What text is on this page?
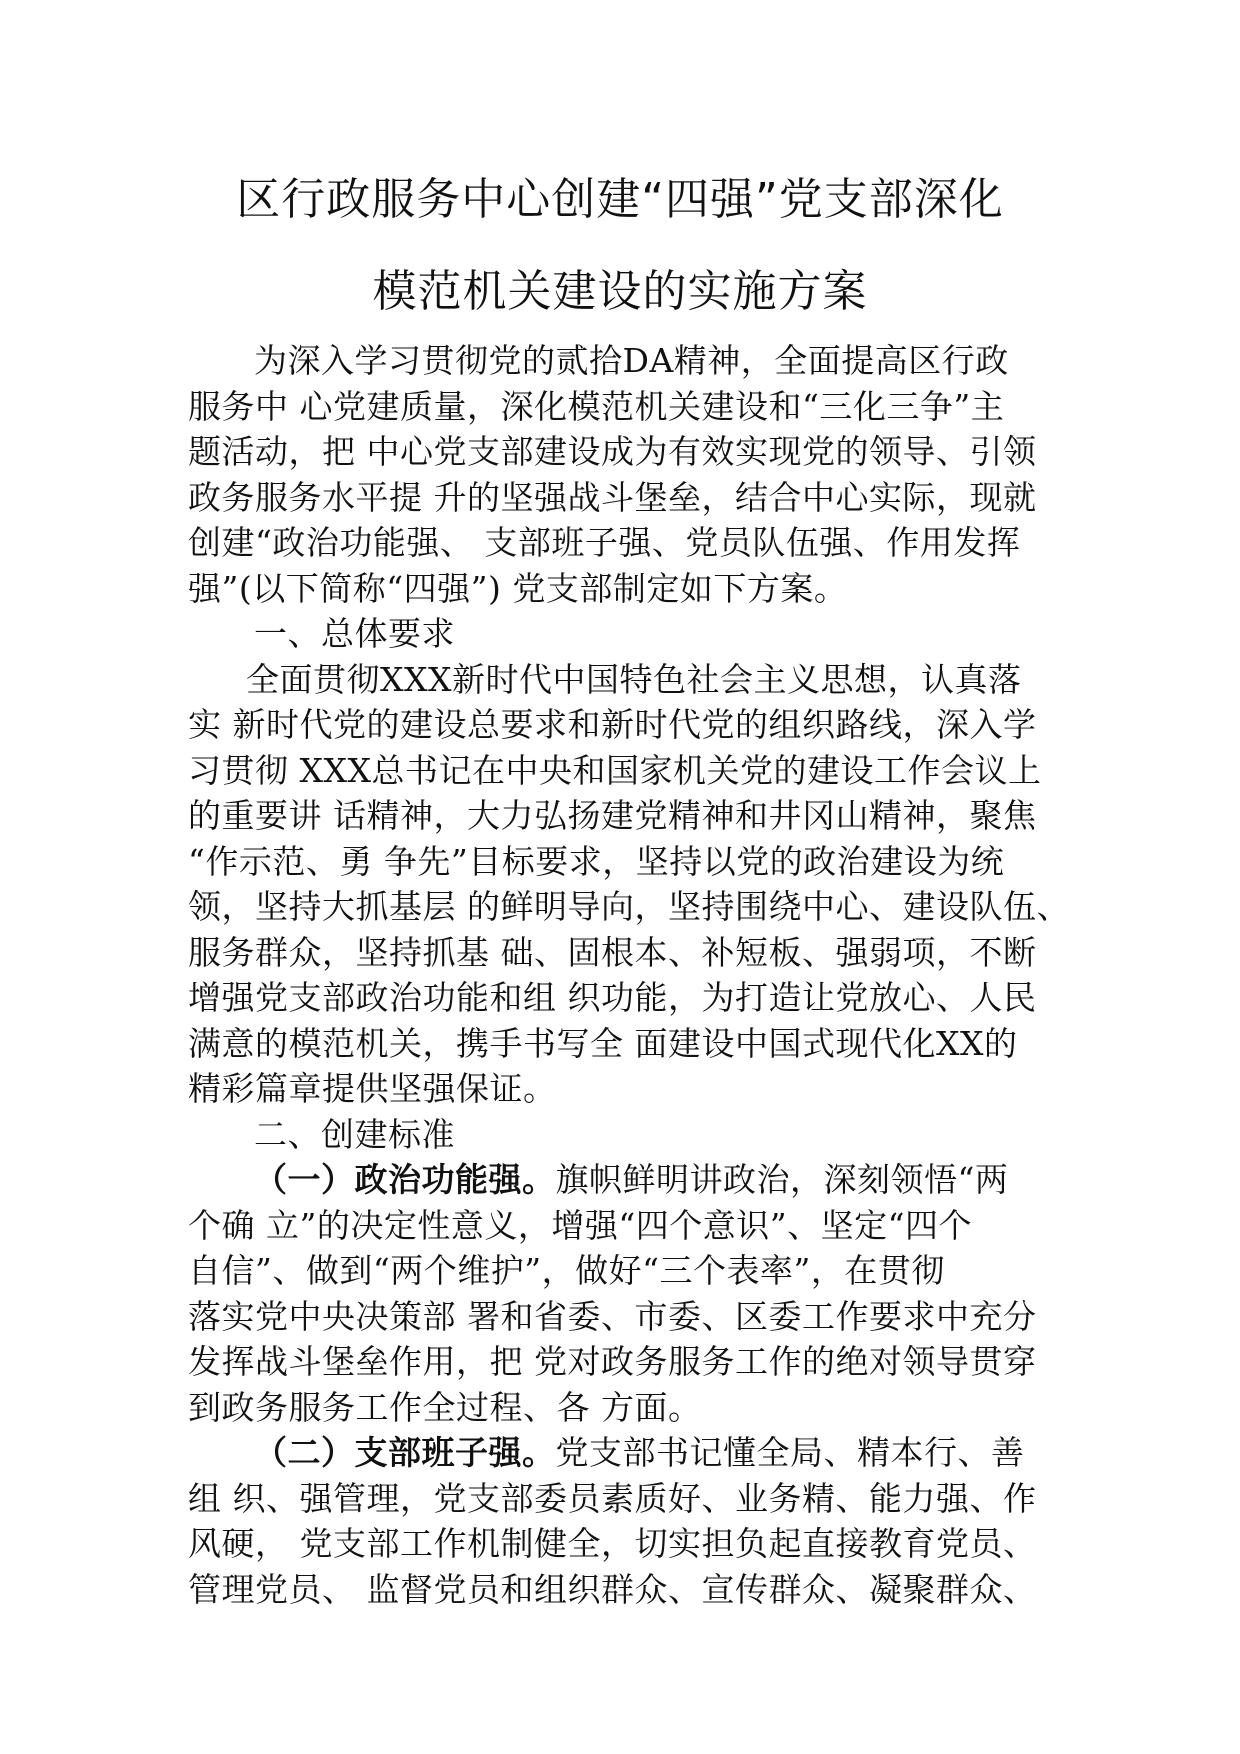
区行政服务中心创建“四强”党支部深化
模范机关建设的实施方案
为深入学习贯彻党的贰拾DA精神，全面提高区行政
服务中 心党建质量，深化模范机关建设和“三化三争”主
题活动，把 中心党支部建设成为有效实现党的领导、引领
政务服务水平提 升的坚强战斗堡垒，结合中心实际，现就
创建“政治功能强、 支部班子强、党员队伍强、作用发挥
强”(以下简称“四强”) 党支部制定如下方案。
一、总体要求
全面贯彻XXX新时代中国特色社会主义思想，认真落
实 新时代党的建设总要求和新时代党的组织路线，深入学
习贯彻 XXX总书记在中央和国家机关党的建设工作会议上
的重要讲 话精神，大力弘扬建党精神和井冈山精神，聚焦
“作示范、勇 争先”目标要求，坚持以党的政治建设为统
领，坚持大抓基层 的鲜明导向，坚持围绕中心、建设队伍、
服务群众，坚持抓基 础、固根本、补短板、强弱项，不断
增强党支部政治功能和组 织功能，为打造让党放心、人民
满意的模范机关，携手书写全 面建设中国式现代化XX的
精彩篇章提供坚强保证。
二、创建标准
（一）政治功能强。旗帜鲜明讲政治，深刻领悟“两
个确 立”的决定性意义，增强“四个意识”、坚定“四个
自信”、做到“两个维护”，做好“三个表率”，在贯彻
落实党中央决策部 署和省委、市委、区委工作要求中充分
发挥战斗堡垒作用，把 党对政务服务工作的绝对领导贯穿
到政务服务工作全过程、各 方面。
（二）支部班子强。党支部书记懂全局、精本行、善
组 织、强管理，党支部委员素质好、业务精、能力强、作
风硬， 党支部工作机制健全，切实担负起直接教育党员、
管理党员、 监督党员和组织群众、宣传群众、凝聚群众、
